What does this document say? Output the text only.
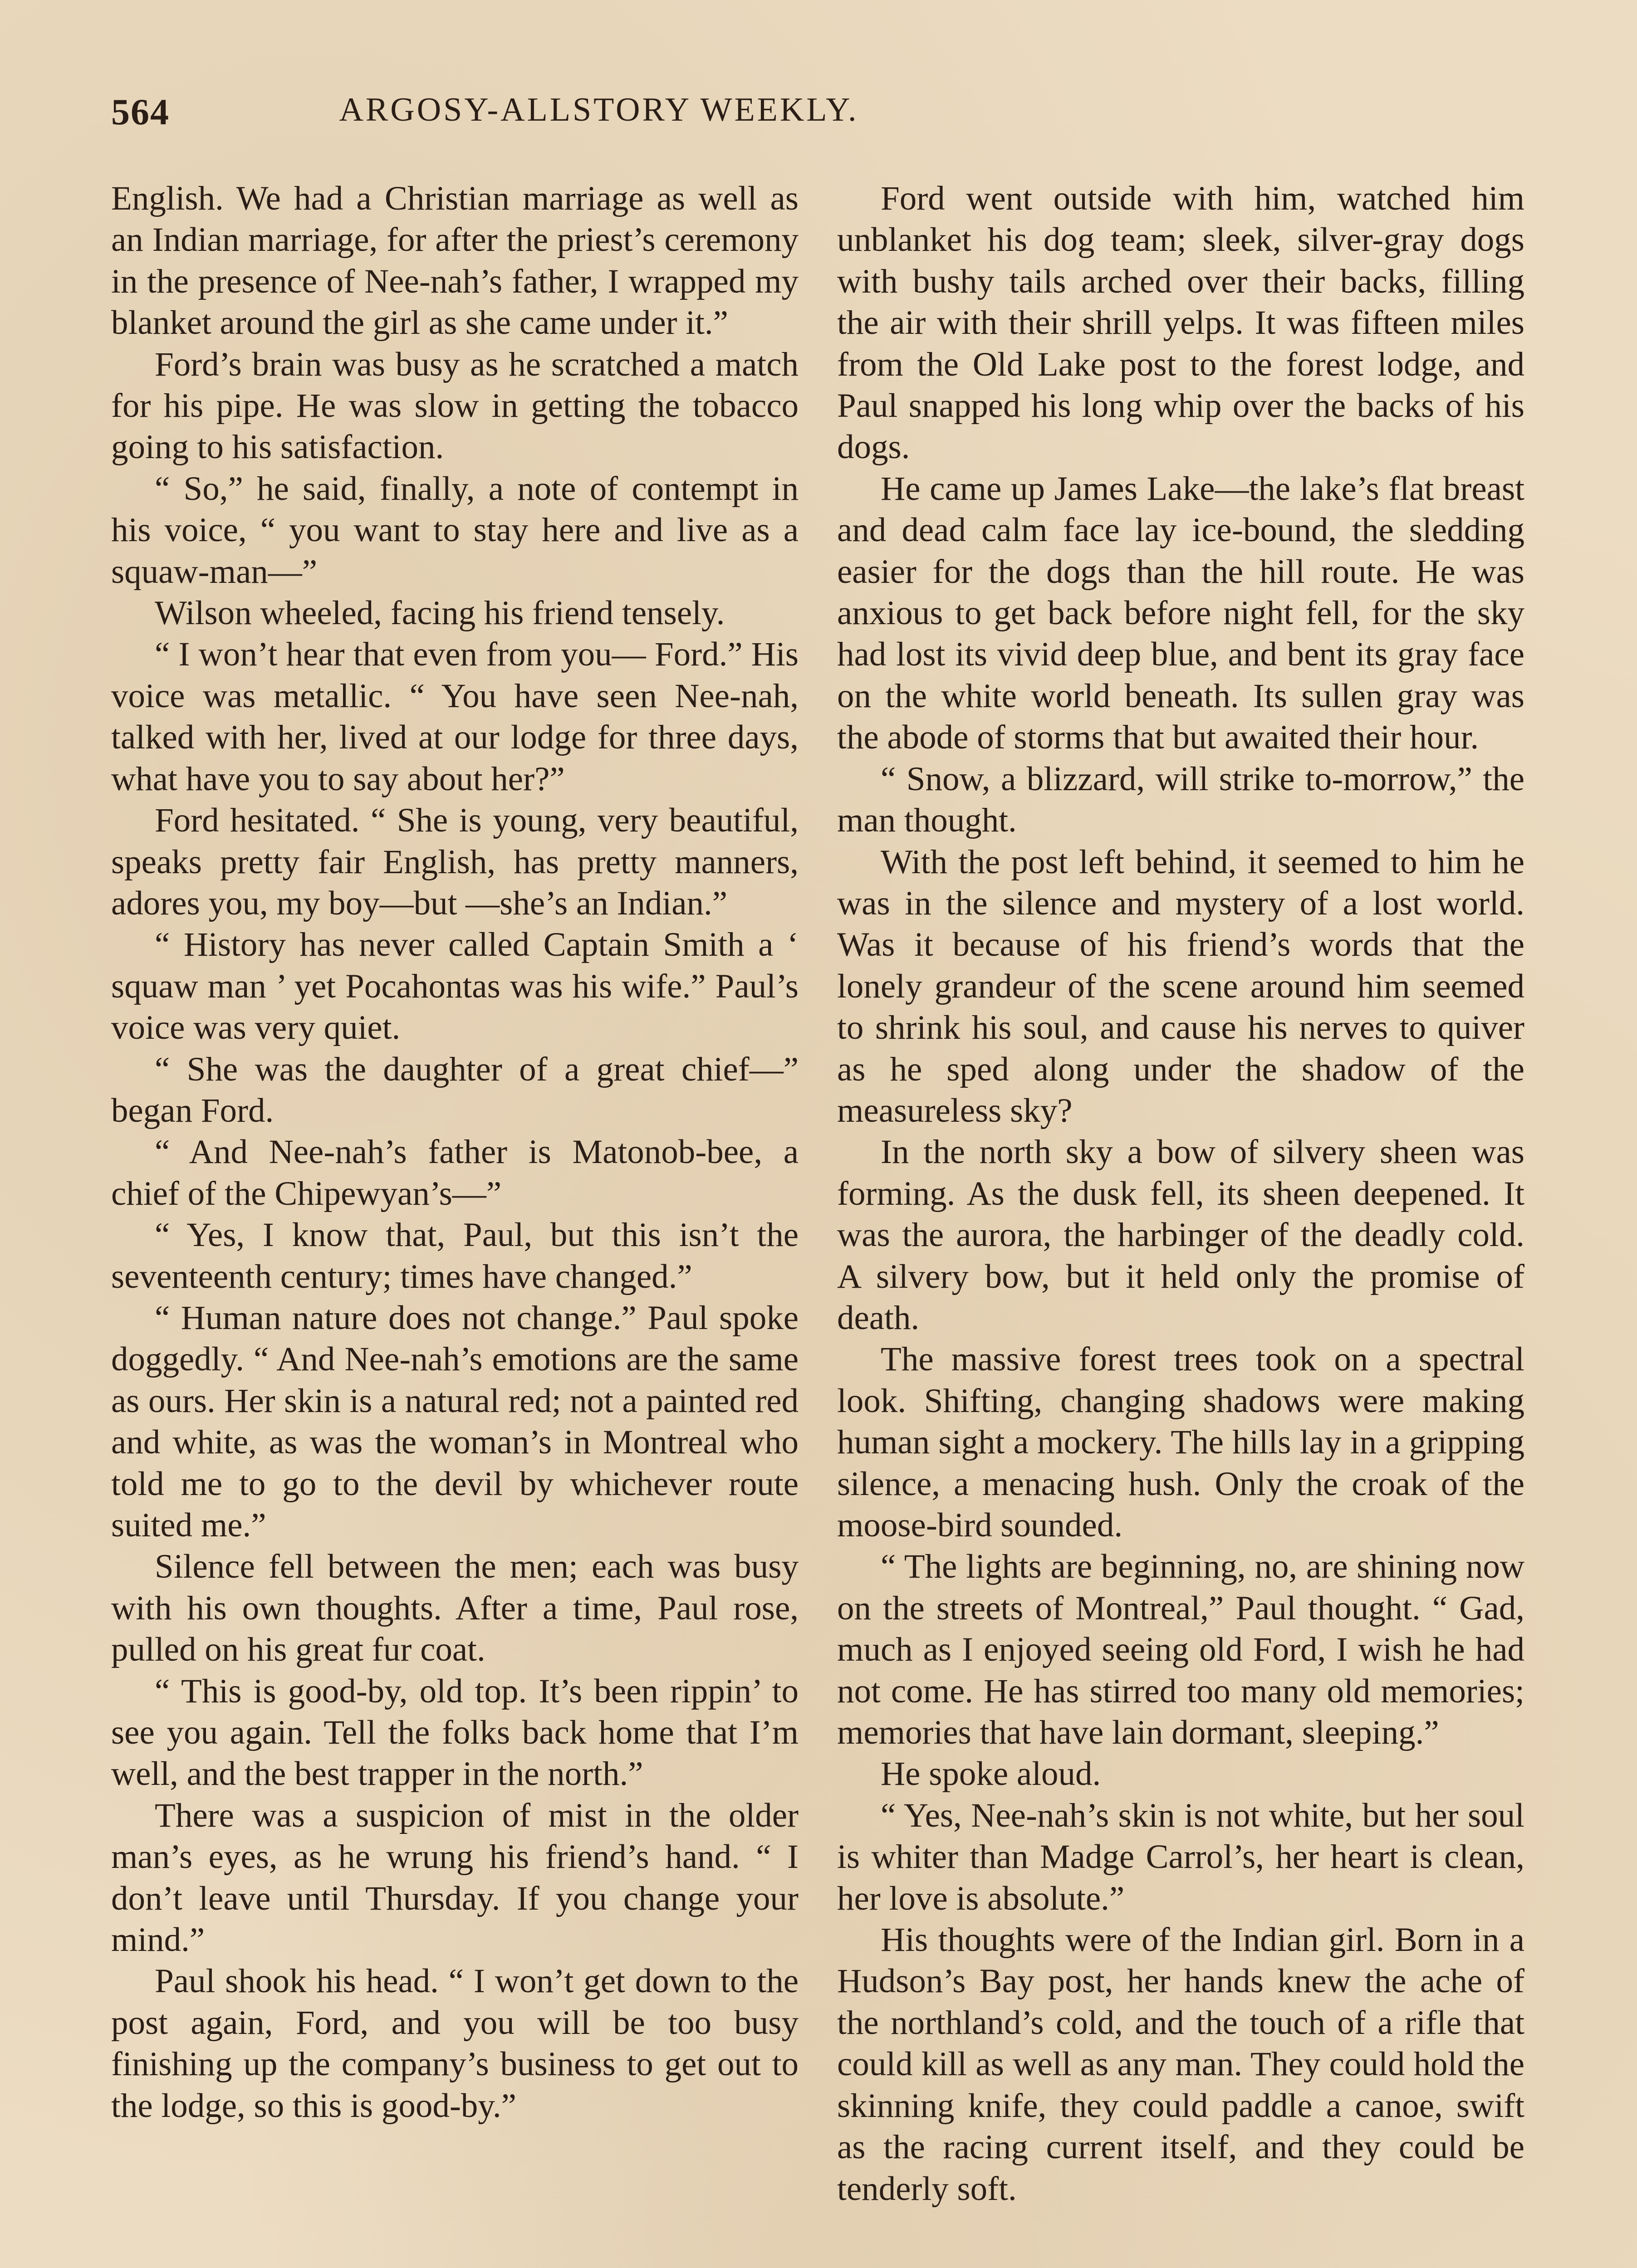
564	ARGOSY-ALLSTORY WEEKLY.

English. We had a Christian marriage as well as an Indian marriage, for after the priest’s ceremony in the presence of Nee-nah’s father, I wrapped my blanket around the girl as she came under it.”

Ford’s brain was busy as he scratched a match for his pipe. He was slow in getting the tobacco going to his satisfaction.

“ So,” he said, finally, a note of contempt in his voice, “ you want to stay here and live as a squaw-man—”

Wilson wheeled, facing his friend tensely.

“ I won’t hear that even from you— Ford.” His voice was metallic. “ You have seen Nee-nah, talked with her, lived at our lodge for three days, what have you to say about her?”

Ford hesitated. “ She is young, very beautiful, speaks pretty fair English, has pretty manners, adores you, my boy—but —she’s an Indian.”

“ History has never called Captain Smith a ‘ squaw man ’ yet Pocahontas was his wife.” Paul’s voice was very quiet.

“ She was the daughter of a great chief—” began Ford.

“ And Nee-nah’s father is Matonob-bee, a chief of the Chipewyan’s—”

“ Yes, I know that, Paul, but this isn’t the seventeenth century; times have changed.”

“ Human nature does not change.” Paul spoke doggedly. “ And Nee-nah’s emotions are the same as ours. Her skin is a natural red; not a painted red and white, as was the woman’s in Montreal who told me to go to the devil by whichever route suited me.”

Silence fell between the men; each was busy with his own thoughts. After a time, Paul rose, pulled on his great fur coat.

“ This is good-by, old top. It’s been rippin’ to see you again. Tell the folks back home that I’m well, and the best trapper in the north.”

There was a suspicion of mist in the older man’s eyes, as he wrung his friend’s hand. “ I don’t leave until Thursday. If you change your mind.”

Paul shook his head. “ I won’t get down to the post again, Ford, and you will be too busy finishing up the company’s business to get out to the lodge, so this is good-by.”

Ford went outside with him, watched him unblanket his dog team; sleek, silver-gray dogs with bushy tails arched over their backs, filling the air with their shrill yelps. It was fifteen miles from the Old Lake post to the forest lodge, and Paul snapped his long whip over the backs of his dogs.

He came up James Lake—the lake’s flat breast and dead calm face lay ice-bound, the sledding easier for the dogs than the hill route. He was anxious to get back before night fell, for the sky had lost its vivid deep blue, and bent its gray face on the white world beneath. Its sullen gray was the abode of storms that but awaited their hour.

“ Snow, a blizzard, will strike to-morrow,” the man thought.

With the post left behind, it seemed to him he was in the silence and mystery of a lost world. Was it because of his friend’s words that the lonely grandeur of the scene around him seemed to shrink his soul, and cause his nerves to quiver as he sped along under the shadow of the measureless sky?

In the north sky a bow of silvery sheen was forming. As the dusk fell, its sheen deepened. It was the aurora, the harbinger of the deadly cold. A silvery bow, but it held only the promise of death.

The massive forest trees took on a spectral look. Shifting, changing shadows were making human sight a mockery. The hills lay in a gripping silence, a menacing hush. Only the croak of the moose-bird sounded.

“ The lights are beginning, no, are shining now on the streets of Montreal,” Paul thought. “ Gad, much as I enjoyed seeing old Ford, I wish he had not come. He has stirred too many old memories; memories that have lain dormant, sleeping.”

He spoke aloud.

“ Yes, Nee-nah’s skin is not white, but her soul is whiter than Madge Carrol’s, her heart is clean, her love is absolute.”

His thoughts were of the Indian girl. Born in a Hudson’s Bay post, her hands knew the ache of the northland’s cold, and the touch of a rifle that could kill as well as any man. They could hold the skinning knife, they could paddle a canoe, swift as the racing current itself, and they could be tenderly soft.
